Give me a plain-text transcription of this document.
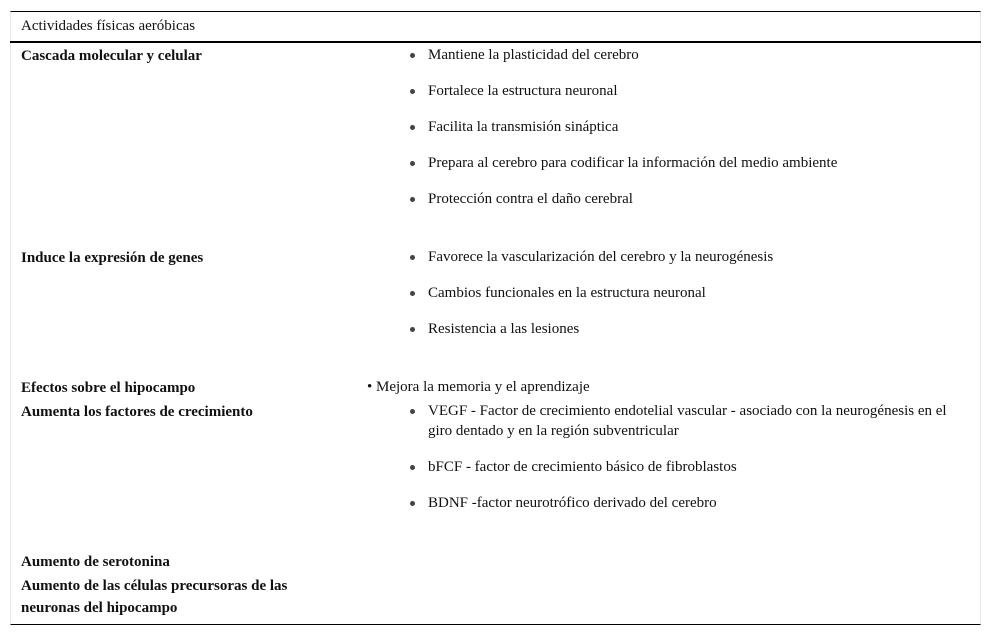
Actividades físicas aeróbicas
Cascada molecular y celular	Mantiene la plasticidad del cerebro
Fortalece la estructura neuronal
Facilita la transmisión sináptica
Prepara al cerebro para codificar la información del medio ambiente
Protección contra el daño cerebral
Induce la expresión de genes	Favorece la vascularización del cerebro y la neurogénesis
Cambios funcionales en la estructura neuronal
Resistencia a las lesiones
Efectos sobre el hipocampo	• Mejora la memoria y el aprendizaje
Aumenta los factores de crecimiento	VEGF - Factor de crecimiento endotelial vascular - asociado con la neurogénesis en el giro dentado y en la región subventricular
bFCF - factor de crecimiento básico de fibroblastos
BDNF -factor neurotrófico derivado del cerebro
Aumento de serotonina
Aumento de las células precursoras de las
neuronas del hipocampo
